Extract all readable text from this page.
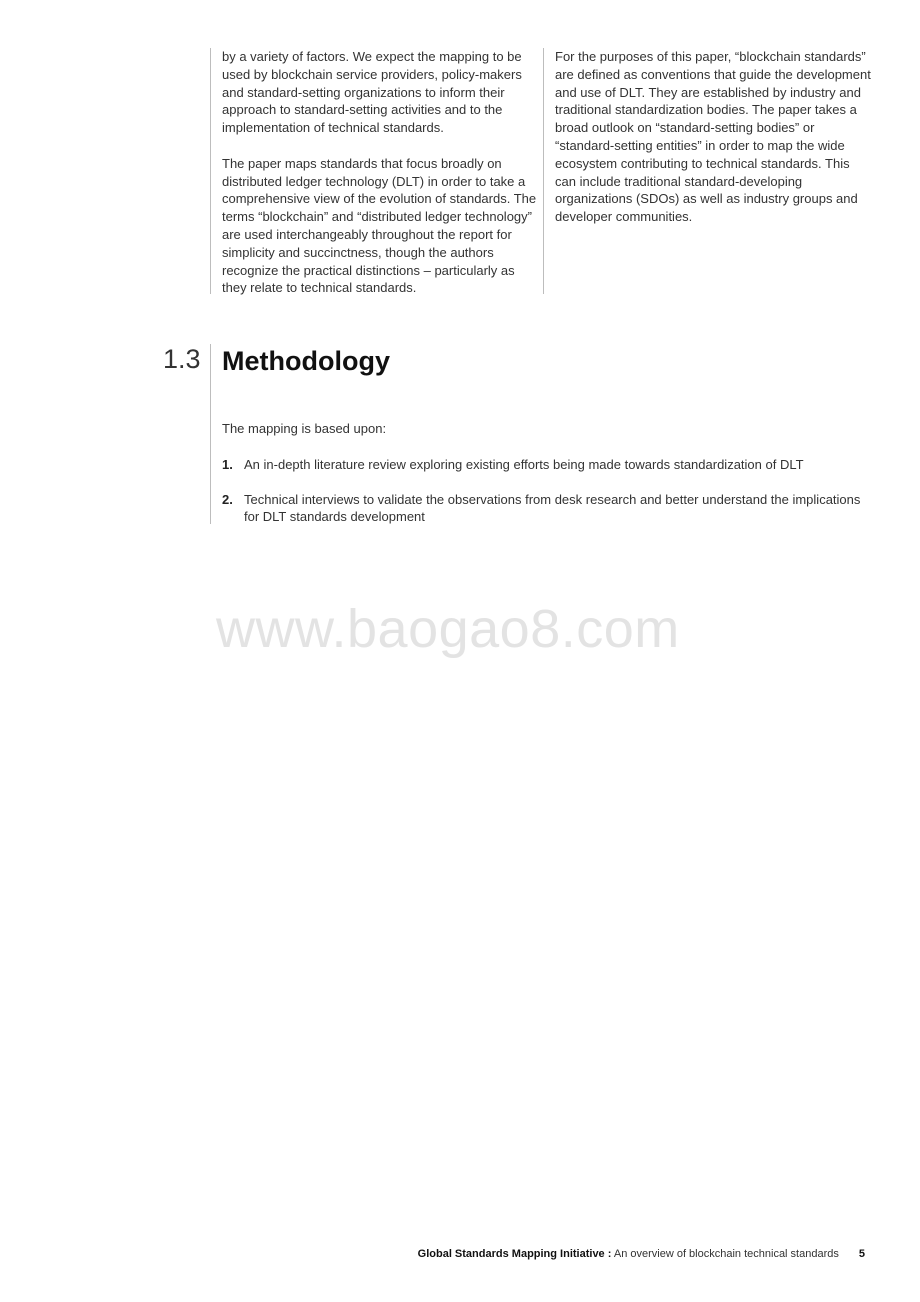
by a variety of factors. We expect the mapping to be used by blockchain service providers, policy-makers and standard-setting organizations to inform their approach to standard-setting activities and to the implementation of technical standards.

The paper maps standards that focus broadly on distributed ledger technology (DLT) in order to take a comprehensive view of the evolution of standards. The terms “blockchain” and “distributed ledger technology” are used interchangeably throughout the report for simplicity and succinctness, though the authors recognize the practical distinctions – particularly as they relate to technical standards.

For the purposes of this paper, “blockchain standards” are defined as conventions that guide the development and use of DLT. They are established by industry and traditional standardization bodies. The paper takes a broad outlook on “standard-setting bodies” or “standard-setting entities” in order to map the wide ecosystem contributing to technical standards. This can include traditional standard-developing organizations (SDOs) as well as industry groups and developer communities.

1.3 Methodology

The mapping is based upon:

1. An in-depth literature review exploring existing efforts being made towards standardization of DLT
2. Technical interviews to validate the observations from desk research and better understand the implications for DLT standards development
www.baogao8.com
Global Standards Mapping Initiative : An overview of blockchain technical standards 5
